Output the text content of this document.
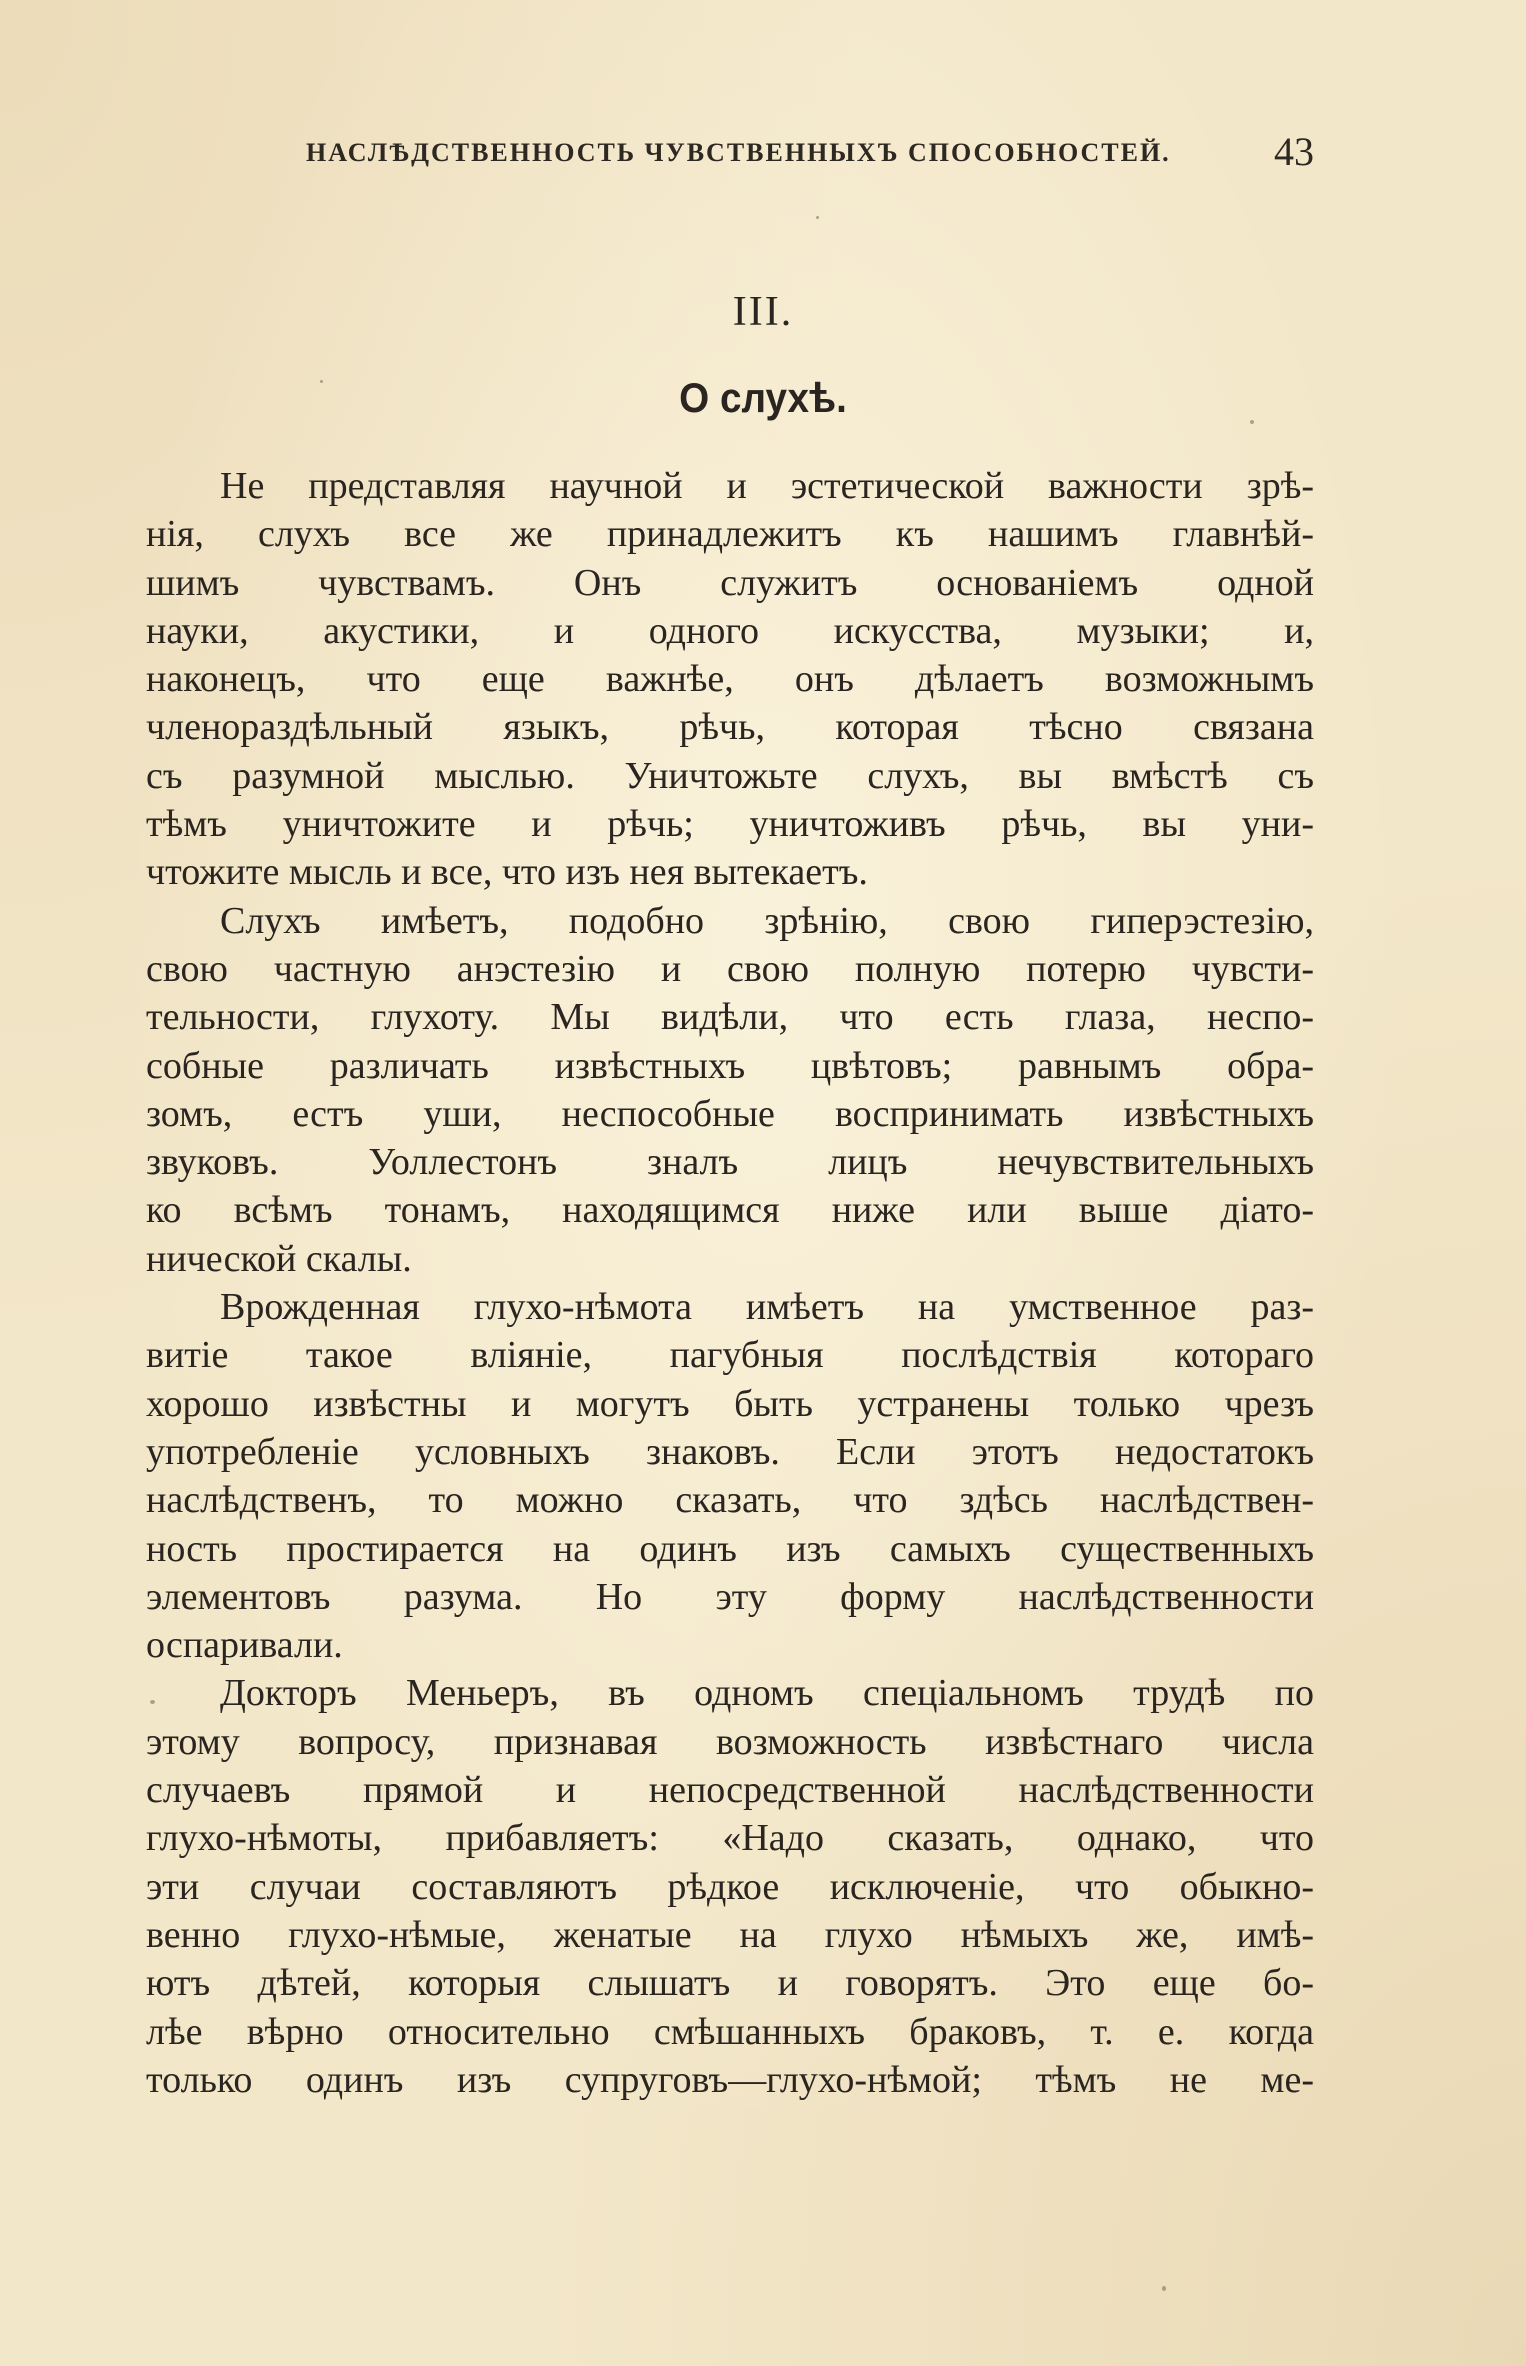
НАСЛѢДСТВЕННОСТЬ ЧУВСТВЕННЫХЪ СПОСОБНОСТЕЙ.	43
III.
О слухѣ.
Не представляя научной и эстетической важности зрѣ-
нія, слухъ все же принадлежитъ къ нашимъ главнѣй-
шимъ чувствамъ. Онъ служитъ основаніемъ одной
науки, акустики, и одного искусства, музыки; и,
наконецъ, что еще важнѣе, онъ дѣлаетъ возможнымъ
членораздѣльный языкъ, рѣчь, которая тѣсно связана
съ разумной мыслью. Уничтожьте слухъ, вы вмѣстѣ съ
тѣмъ уничтожите и рѣчь; уничтоживъ рѣчь, вы уни-
чтожите мысль и все, что изъ нея вытекаетъ.
Слухъ имѣетъ, подобно зрѣнію, свою гиперэстезію,
свою частную анэстезію и свою полную потерю чувсти-
тельности, глухоту. Мы видѣли, что есть глаза, неспо-
собные различать извѣстныхъ цвѣтовъ; равнымъ обра-
зомъ, естъ уши, неспособные воспринимать извѣстныхъ
звуковъ. Уоллестонъ зналъ лицъ нечувствительныхъ
ко всѣмъ тонамъ, находящимся ниже или выше діато-
нической скалы.
Врожденная глухо-нѣмота имѣетъ на умственное раз-
витіе такое вліяніе, пагубныя послѣдствія котораго
хорошо извѣстны и могутъ быть устранены только чрезъ
употребленіе условныхъ знаковъ. Если этотъ недостатокъ
наслѣдственъ, то можно сказать, что здѣсь наслѣдствен-
ность простирается на одинъ изъ самыхъ существенныхъ
элементовъ разума. Но эту форму наслѣдственности
оспаривали.
Докторъ Меньеръ, въ одномъ спеціальномъ трудѣ по
этому вопросу, признавая возможность извѣстнаго числа
случаевъ прямой и непосредственной наслѣдственности
глухо-нѣмоты, прибавляетъ: «Надо сказать, однако, что
эти случаи составляютъ рѣдкое исключеніе, что обыкно-
венно глухо-нѣмые, женатые на глухо нѣмыхъ же, имѣ-
ютъ дѣтей, которыя слышатъ и говорятъ. Это еще бо-
лѣе вѣрно относительно смѣшанныхъ браковъ, т. е. когда
только одинъ изъ супруговъ—глухо-нѣмой; тѣмъ не ме-
